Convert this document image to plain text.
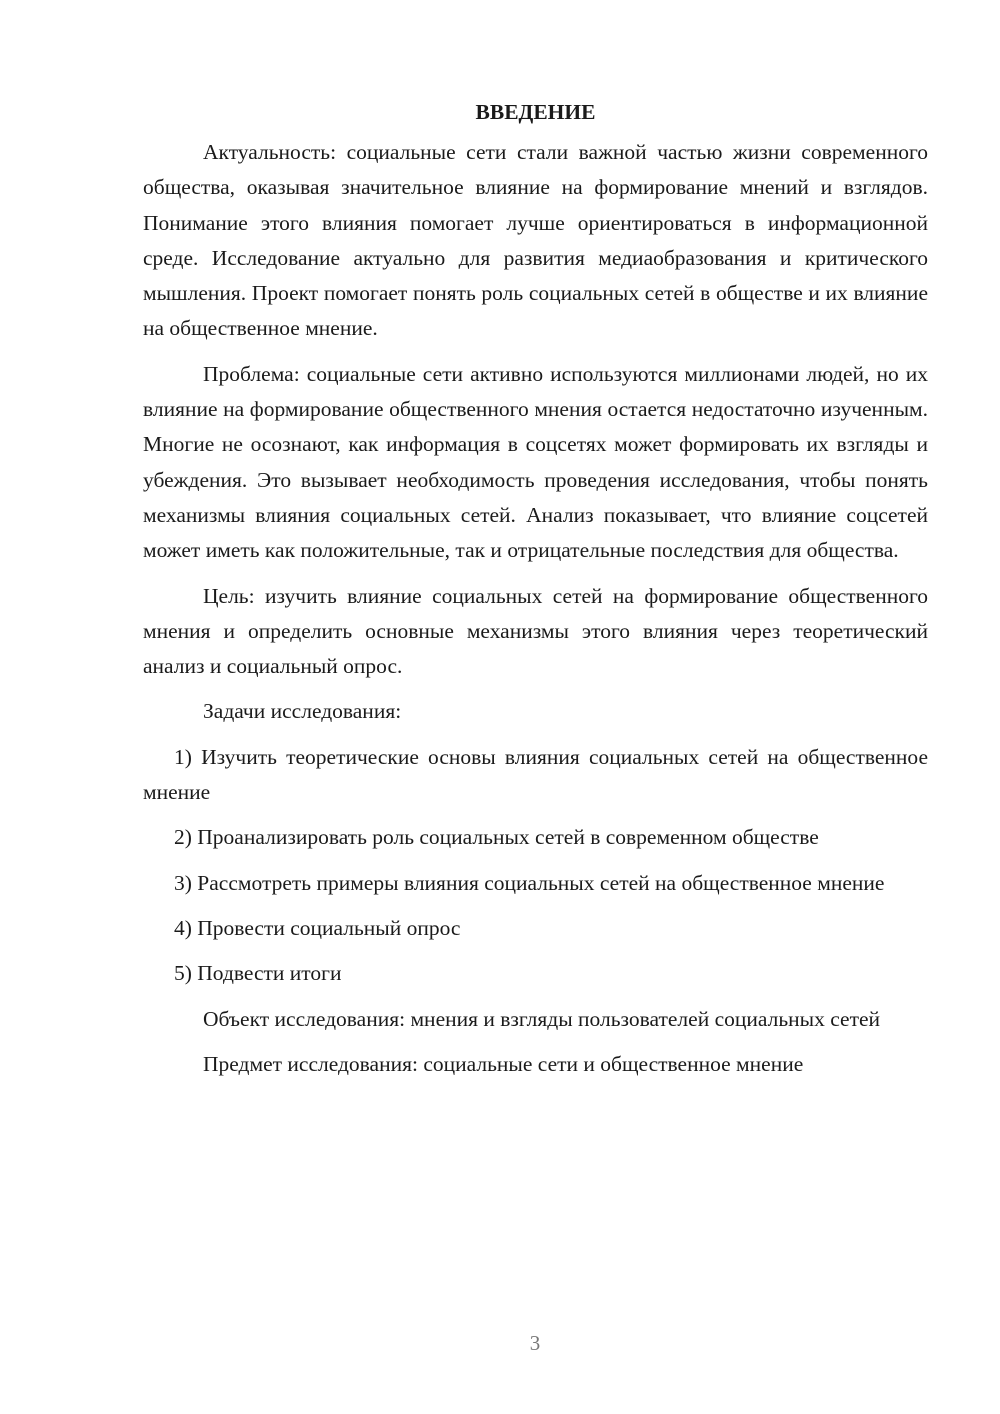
ВВЕДЕНИЕ

Актуальность: социальные сети стали важной частью жизни современного общества, оказывая значительное влияние на формирование мнений и взглядов. Понимание этого влияния помогает лучше ориентироваться в информационной среде. Исследование актуально для развития медиаобразования и критического мышления. Проект помогает понять роль социальных сетей в обществе и их влияние на общественное мнение.

Проблема: социальные сети активно используются миллионами людей, но их влияние на формирование общественного мнения остается недостаточно изученным. Многие не осознают, как информация в соцсетях может формировать их взгляды и убеждения. Это вызывает необходимость проведения исследования, чтобы понять механизмы влияния социальных сетей. Анализ показывает, что влияние соцсетей может иметь как положительные, так и отрицательные последствия для общества.

Цель: изучить влияние социальных сетей на формирование общественного мнения и определить основные механизмы этого влияния через теоретический анализ и социальный опрос.

Задачи исследования:

1) Изучить теоретические основы влияния социальных сетей на общественное мнение

2) Проанализировать роль социальных сетей в современном обществе

3) Рассмотреть примеры влияния социальных сетей на общественное мнение

4) Провести социальный опрос

5) Подвести итоги

Объект исследования: мнения и взгляды пользователей социальных сетей

Предмет исследования: социальные сети и общественное мнение

3
